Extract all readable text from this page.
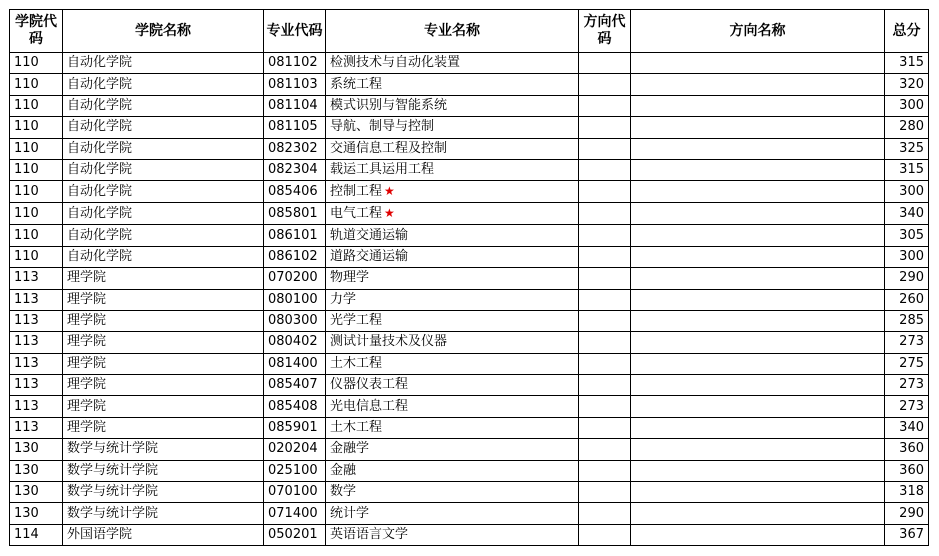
学院代码	学院名称	专业代码	专业名称	方向代码	方向名称	总分
110	自动化学院	081102	检测技术与自动化装置			315
110	自动化学院	081103	系统工程			320
110	自动化学院	081104	模式识别与智能系统			300
110	自动化学院	081105	导航、制导与控制			280
110	自动化学院	082302	交通信息工程及控制			325
110	自动化学院	082304	载运工具运用工程			315
110	自动化学院	085406	控制工程 ★			300
110	自动化学院	085801	电气工程 ★			340
110	自动化学院	086101	轨道交通运输			305
110	自动化学院	086102	道路交通运输			300
113	理学院	070200	物理学			290
113	理学院	080100	力学			260
113	理学院	080300	光学工程			285
113	理学院	080402	测试计量技术及仪器			273
113	理学院	081400	土木工程			275
113	理学院	085407	仪器仪表工程			273
113	理学院	085408	光电信息工程			273
113	理学院	085901	土木工程			340
130	数学与统计学院	020204	金融学			360
130	数学与统计学院	025100	金融			360
130	数学与统计学院	070100	数学			318
130	数学与统计学院	071400	统计学			290
114	外国语学院	050201	英语语言文学			367
